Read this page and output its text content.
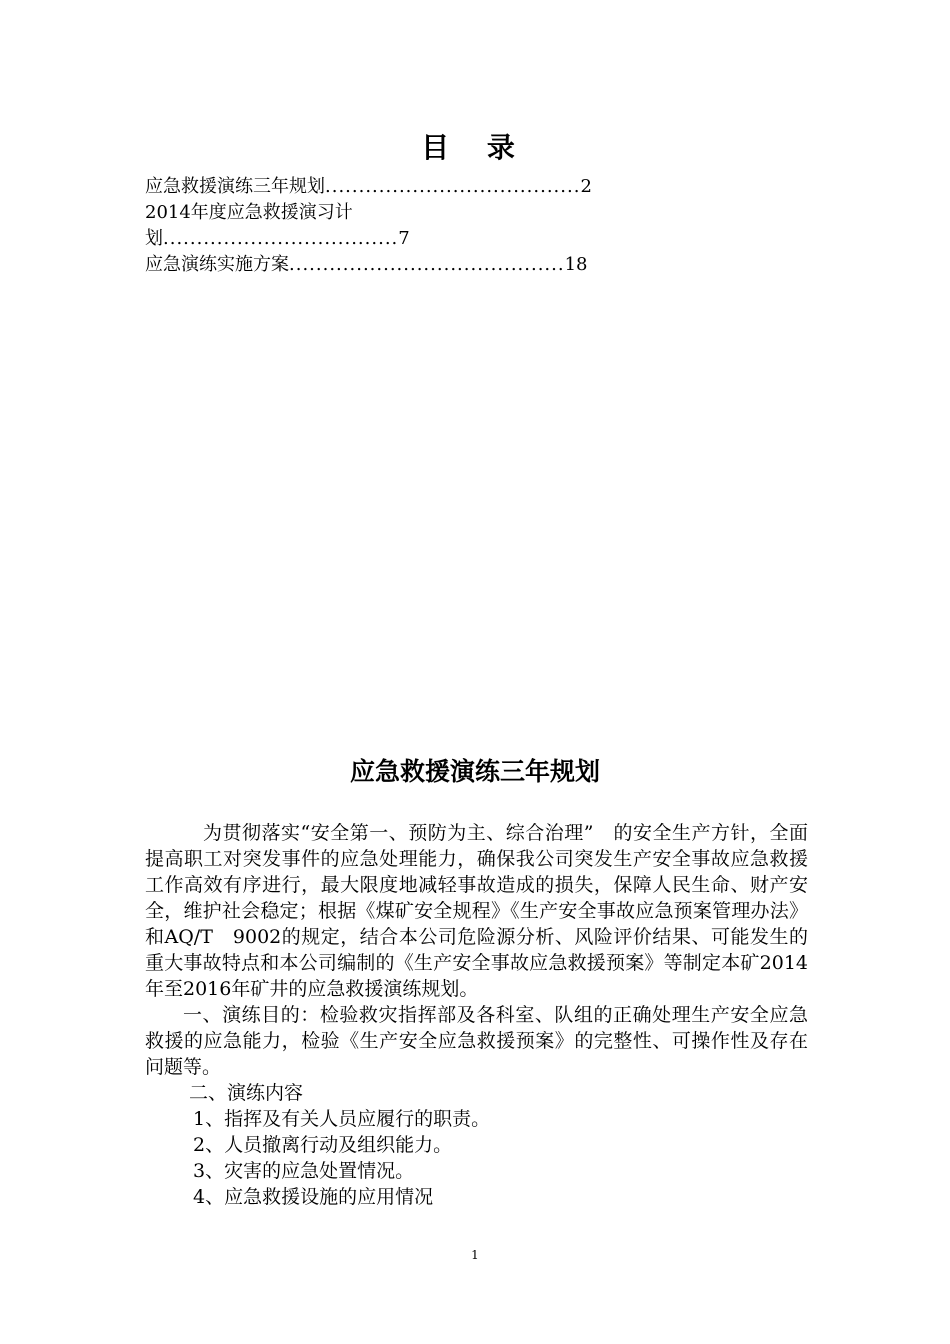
目 录
应急救援演练三年规划......................................2
2014年度应急救援演习计
划...................................7
应急演练实施方案.........................................18
应急救援演练三年规划

为贯彻落实“安全第一、预防为主、综合治理”　的安全生产方针，全面提高职工对突发事件的应急处理能力，确保我公司突发生产安全事故应急救援工作高效有序进行，最大限度地减轻事故造成的损失，保障人民生命、财产安全，维护社会稳定；根据《煤矿安全规程》《生产安全事故应急预案管理办法》和AQ/T　9002的规定，结合本公司危险源分析、风险评价结果、可能发生的重大事故特点和本公司编制的《生产安全事故应急救援预案》等制定本矿2014年至2016年矿井的应急救援演练规划。

一、演练目的：检验救灾指挥部及各科室、队组的正确处理生产安全应急救援的应急能力，检验《生产安全应急救援预案》的完整性、可操作性及存在问题等。

二、演练内容

1、指挥及有关人员应履行的职责。

2、人员撤离行动及组织能力。

3、灾害的应急处置情况。

4、应急救援设施的应用情况

1
